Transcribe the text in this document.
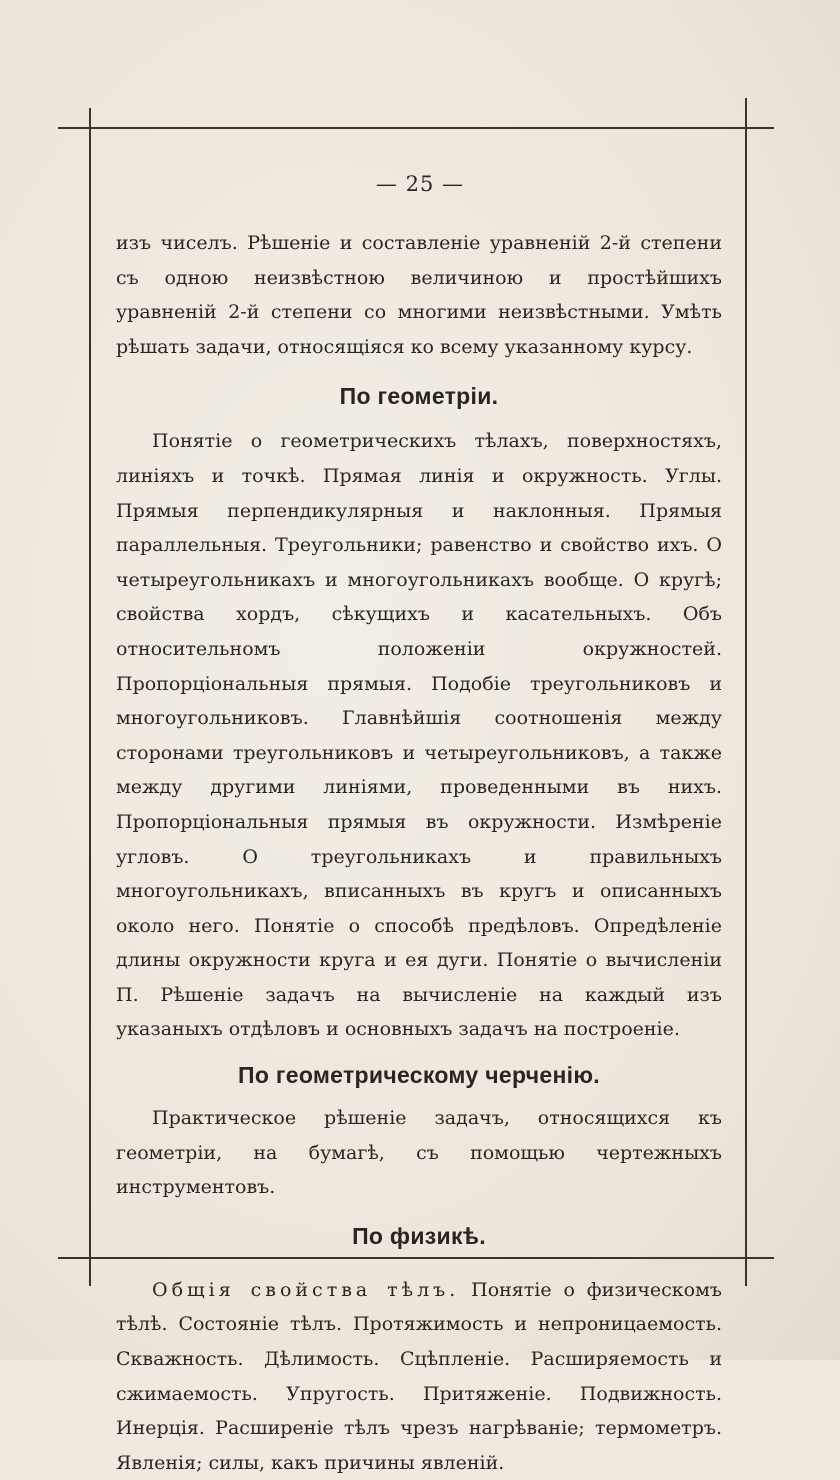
— 25 —

изъ чиселъ. Рѣшеніе и составленіе уравненій 2-й степени съ одною неизвѣстною величиною и простѣйшихъ уравненій 2-й степени со многими неизвѣстными. Умѣть рѣшать задачи, относящіяся ко всему указанному курсу.

По геометріи.

Понятіе о геометрическихъ тѣлахъ, поверхностяхъ, линіяхъ и точкѣ. Прямая линія и окружность. Углы. Прямыя перпендикулярныя и наклонныя. Прямыя параллельныя. Треугольники; равенство и свойство ихъ. О четыреугольникахъ и многоугольникахъ вообще. О кругѣ; свойства хордъ, сѣкущихъ и касательныхъ. Объ относительномъ положеніи окружностей. Пропорціональныя прямыя. Подобіе треугольниковъ и многоугольниковъ. Главнѣйшія соотношенія между сторонами треугольниковъ и четыреугольниковъ, а также между другими линіями, проведенными въ нихъ. Пропорціональныя прямыя въ окружности. Измѣреніе угловъ. О треугольникахъ и правильныхъ многоугольникахъ, вписанныхъ въ кругъ и описанныхъ около него. Понятіе о способѣ предѣловъ. Опредѣленіе длины окружности круга и ея дуги. Понятіе о вычисленіи П. Рѣшеніе задачъ на вычисленіе на каждый изъ указаныхъ отдѣловъ и основныхъ задачъ на построеніе.

По геометрическому черченію.

Практическое рѣшеніе задачъ, относящихся къ геометріи, на бумагѣ, съ помощью чертежныхъ инструментовъ.

По физикѣ.

Общія свойства тѣлъ. Понятіе о физическомъ тѣлѣ. Состояніе тѣлъ. Протяжимость и непроницаемость. Скважность. Дѣлимость. Сцѣпленіе. Расширяемость и сжимаемость. Упругость. Притяженіе. Подвижность. Инерція. Расширеніе тѣлъ чрезъ нагрѣваніе; термометръ. Явленія; силы, какъ причины явленій.
